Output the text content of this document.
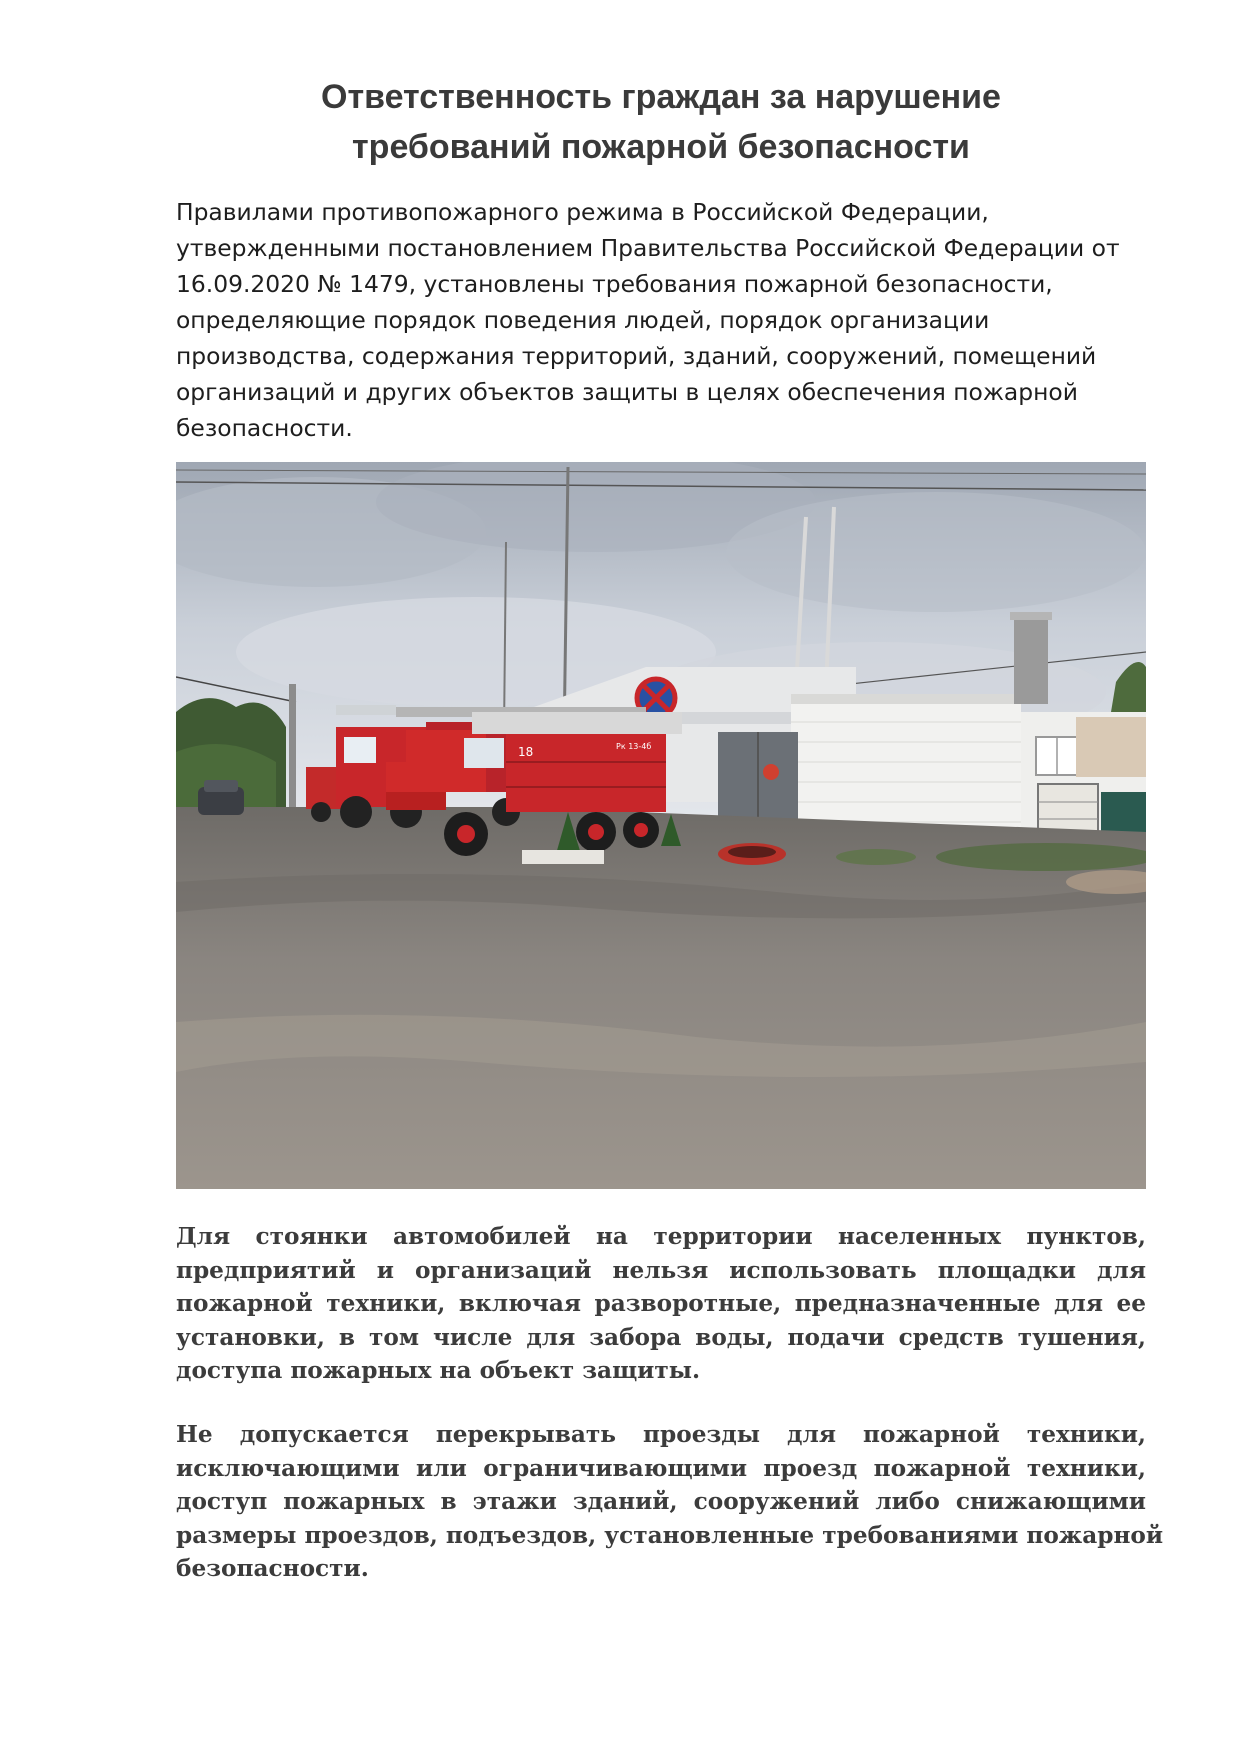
Ответственность граждан за нарушение
требований пожарной безопасности
Правилами противопожарного режима в Российской Федерации,
утвержденными постановлением Правительства Российской Федерации от
16.09.2020 № 1479, установлены требования пожарной безопасности,
определяющие порядок поведения людей, порядок организации
производства, содержания территорий, зданий, сооружений, помещений
организаций и других объектов защиты в целях обеспечения пожарной
безопасности.
18	Рк 13-4б
Для стоянки автомобилей на территории населенных пунктов,
предприятий и организаций нельзя использовать площадки для
пожарной техники, включая разворотные, предназначенные для ее
установки, в том числе для забора воды, подачи средств тушения,
доступа пожарных на объект защиты.
Не допускается перекрывать проезды для пожарной техники,
исключающими или ограничивающими проезд пожарной техники,
доступ пожарных в этажи зданий, сооружений либо снижающими
размеры проездов, подъездов, установленные требованиями пожарной
безопасности.
